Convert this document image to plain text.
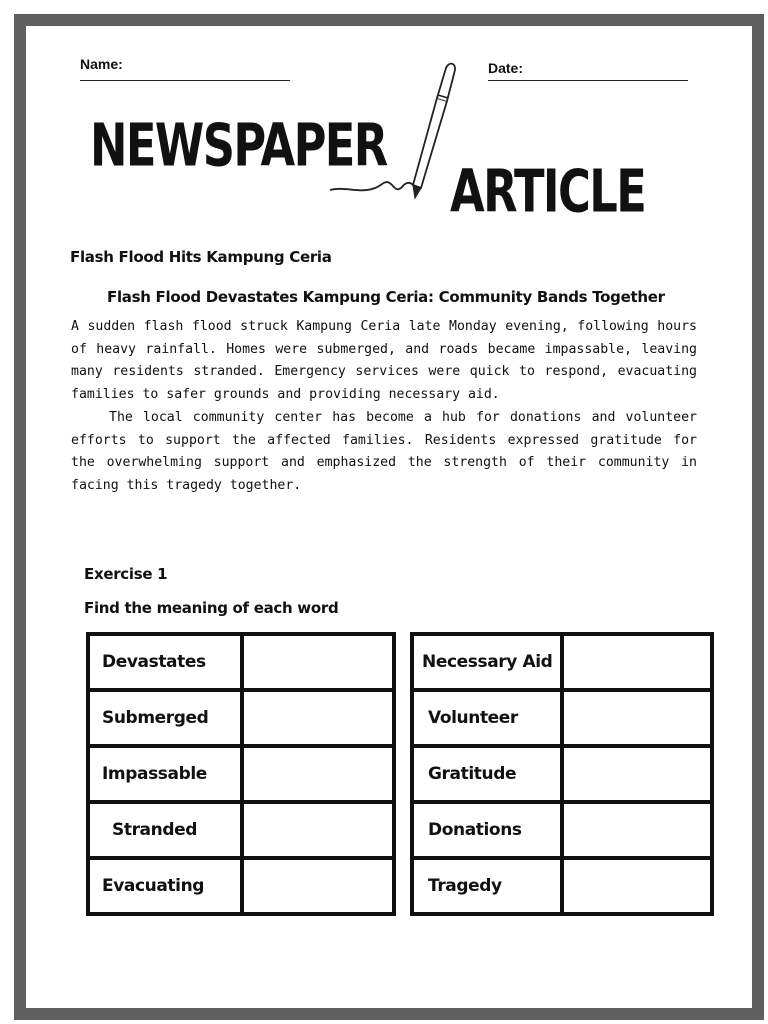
Name:	Date:
NEWSPAPER
ARTICLE
Flash Flood Hits Kampung Ceria
Flash Flood Devastates Kampung Ceria: Community Bands Together

A sudden flash flood struck Kampung Ceria late Monday evening, following hours of heavy rainfall. Homes were submerged, and roads became impassable, leaving many residents stranded. Emergency services were quick to respond, evacuating families to safer grounds and providing necessary aid.

The local community center has become a hub for donations and volunteer efforts to support the affected families. Residents expressed gratitude for the overwhelming support and emphasized the strength of their community in facing this tragedy together.

Exercise 1
Find the meaning of each word
Devastates	
Submerged	
Impassable	
Stranded	
Evacuating	
Necessary Aid	
Volunteer	
Gratitude	
Donations	
Tragedy	
